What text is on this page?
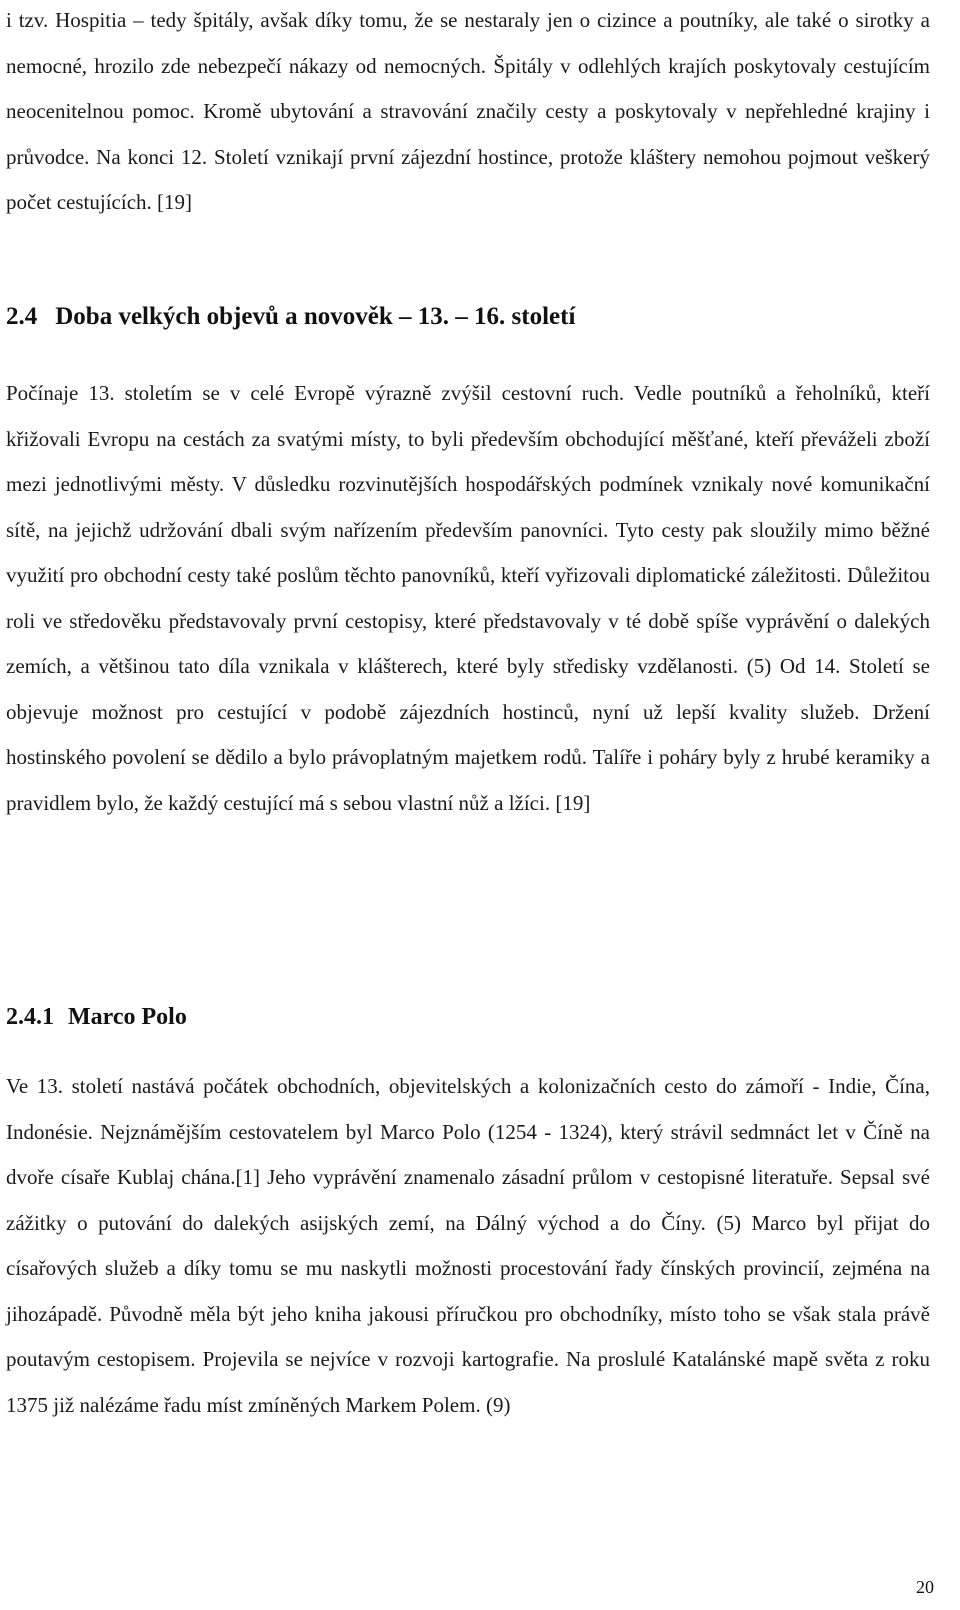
i tzv. Hospitia – tedy špitály, avšak díky tomu, že se nestaraly jen o cizince a poutníky, ale také o sirotky a nemocné, hrozilo zde nebezpečí nákazy od nemocných. Špitály v odlehlých krajích poskytovaly cestujícím neocenitelnou pomoc. Kromě ubytování a stravování značily cesty a poskytovaly v nepřehledné krajiny i průvodce. Na konci 12. Století vznikají první zájezdní hostince, protože kláštery nemohou pojmout veškerý počet cestujících. [19]

2.4 Doba velkých objevů a novověk – 13. – 16. století

Počínaje 13. stoletím se v celé Evropě výrazně zvýšil cestovní ruch. Vedle poutníků a řeholníků, kteří křižovali Evropu na cestách za svatými místy, to byli především obchodující měšťané, kteří převáželi zboží mezi jednotlivými městy. V důsledku rozvinutějších hospodářských podmínek vznikaly nové komunikační sítě, na jejichž udržování dbali svým nařízením především panovníci. Tyto cesty pak sloužily mimo běžné využití pro obchodní cesty také poslům těchto panovníků, kteří vyřizovali diplomatické záležitosti. Důležitou roli ve středověku představovaly první cestopisy, které představovaly v té době spíše vyprávění o dalekých zemích, a většinou tato díla vznikala v klášterech, které byly středisky vzdělanosti. (5) Od 14. Století se objevuje možnost pro cestující v podobě zájezdních hostinců, nyní už lepší kvality služeb. Držení hostinského povolení se dědilo a bylo právoplatným majetkem rodů. Talíře i poháry byly z hrubé keramiky a pravidlem bylo, že každý cestující má s sebou vlastní nůž a lžíci. [19]

2.4.1 Marco Polo

Ve 13. století nastává počátek obchodních, objevitelských a kolonizačních cesto do zámoří - Indie, Čína, Indonésie. Nejznámějším cestovatelem byl Marco Polo (1254 - 1324), který strávil sedmnáct let v Číně na dvoře císaře Kublaj chána.[1] Jeho vyprávění znamenalo zásadní průlom v cestopisné literatuře. Sepsal své zážitky o putování do dalekých asijských zemí, na Dálný východ a do Číny. (5) Marco byl přijat do císařových služeb a díky tomu se mu naskytli možnosti procestování řady čínských provincií, zejména na jihozápadě. Původně měla být jeho kniha jakousi příručkou pro obchodníky, místo toho se však stala právě poutavým cestopisem. Projevila se nejvíce v rozvoji kartografie. Na proslulé Katalánské mapě světa z roku 1375 již nalézáme řadu míst zmíněných Markem Polem. (9)

20
